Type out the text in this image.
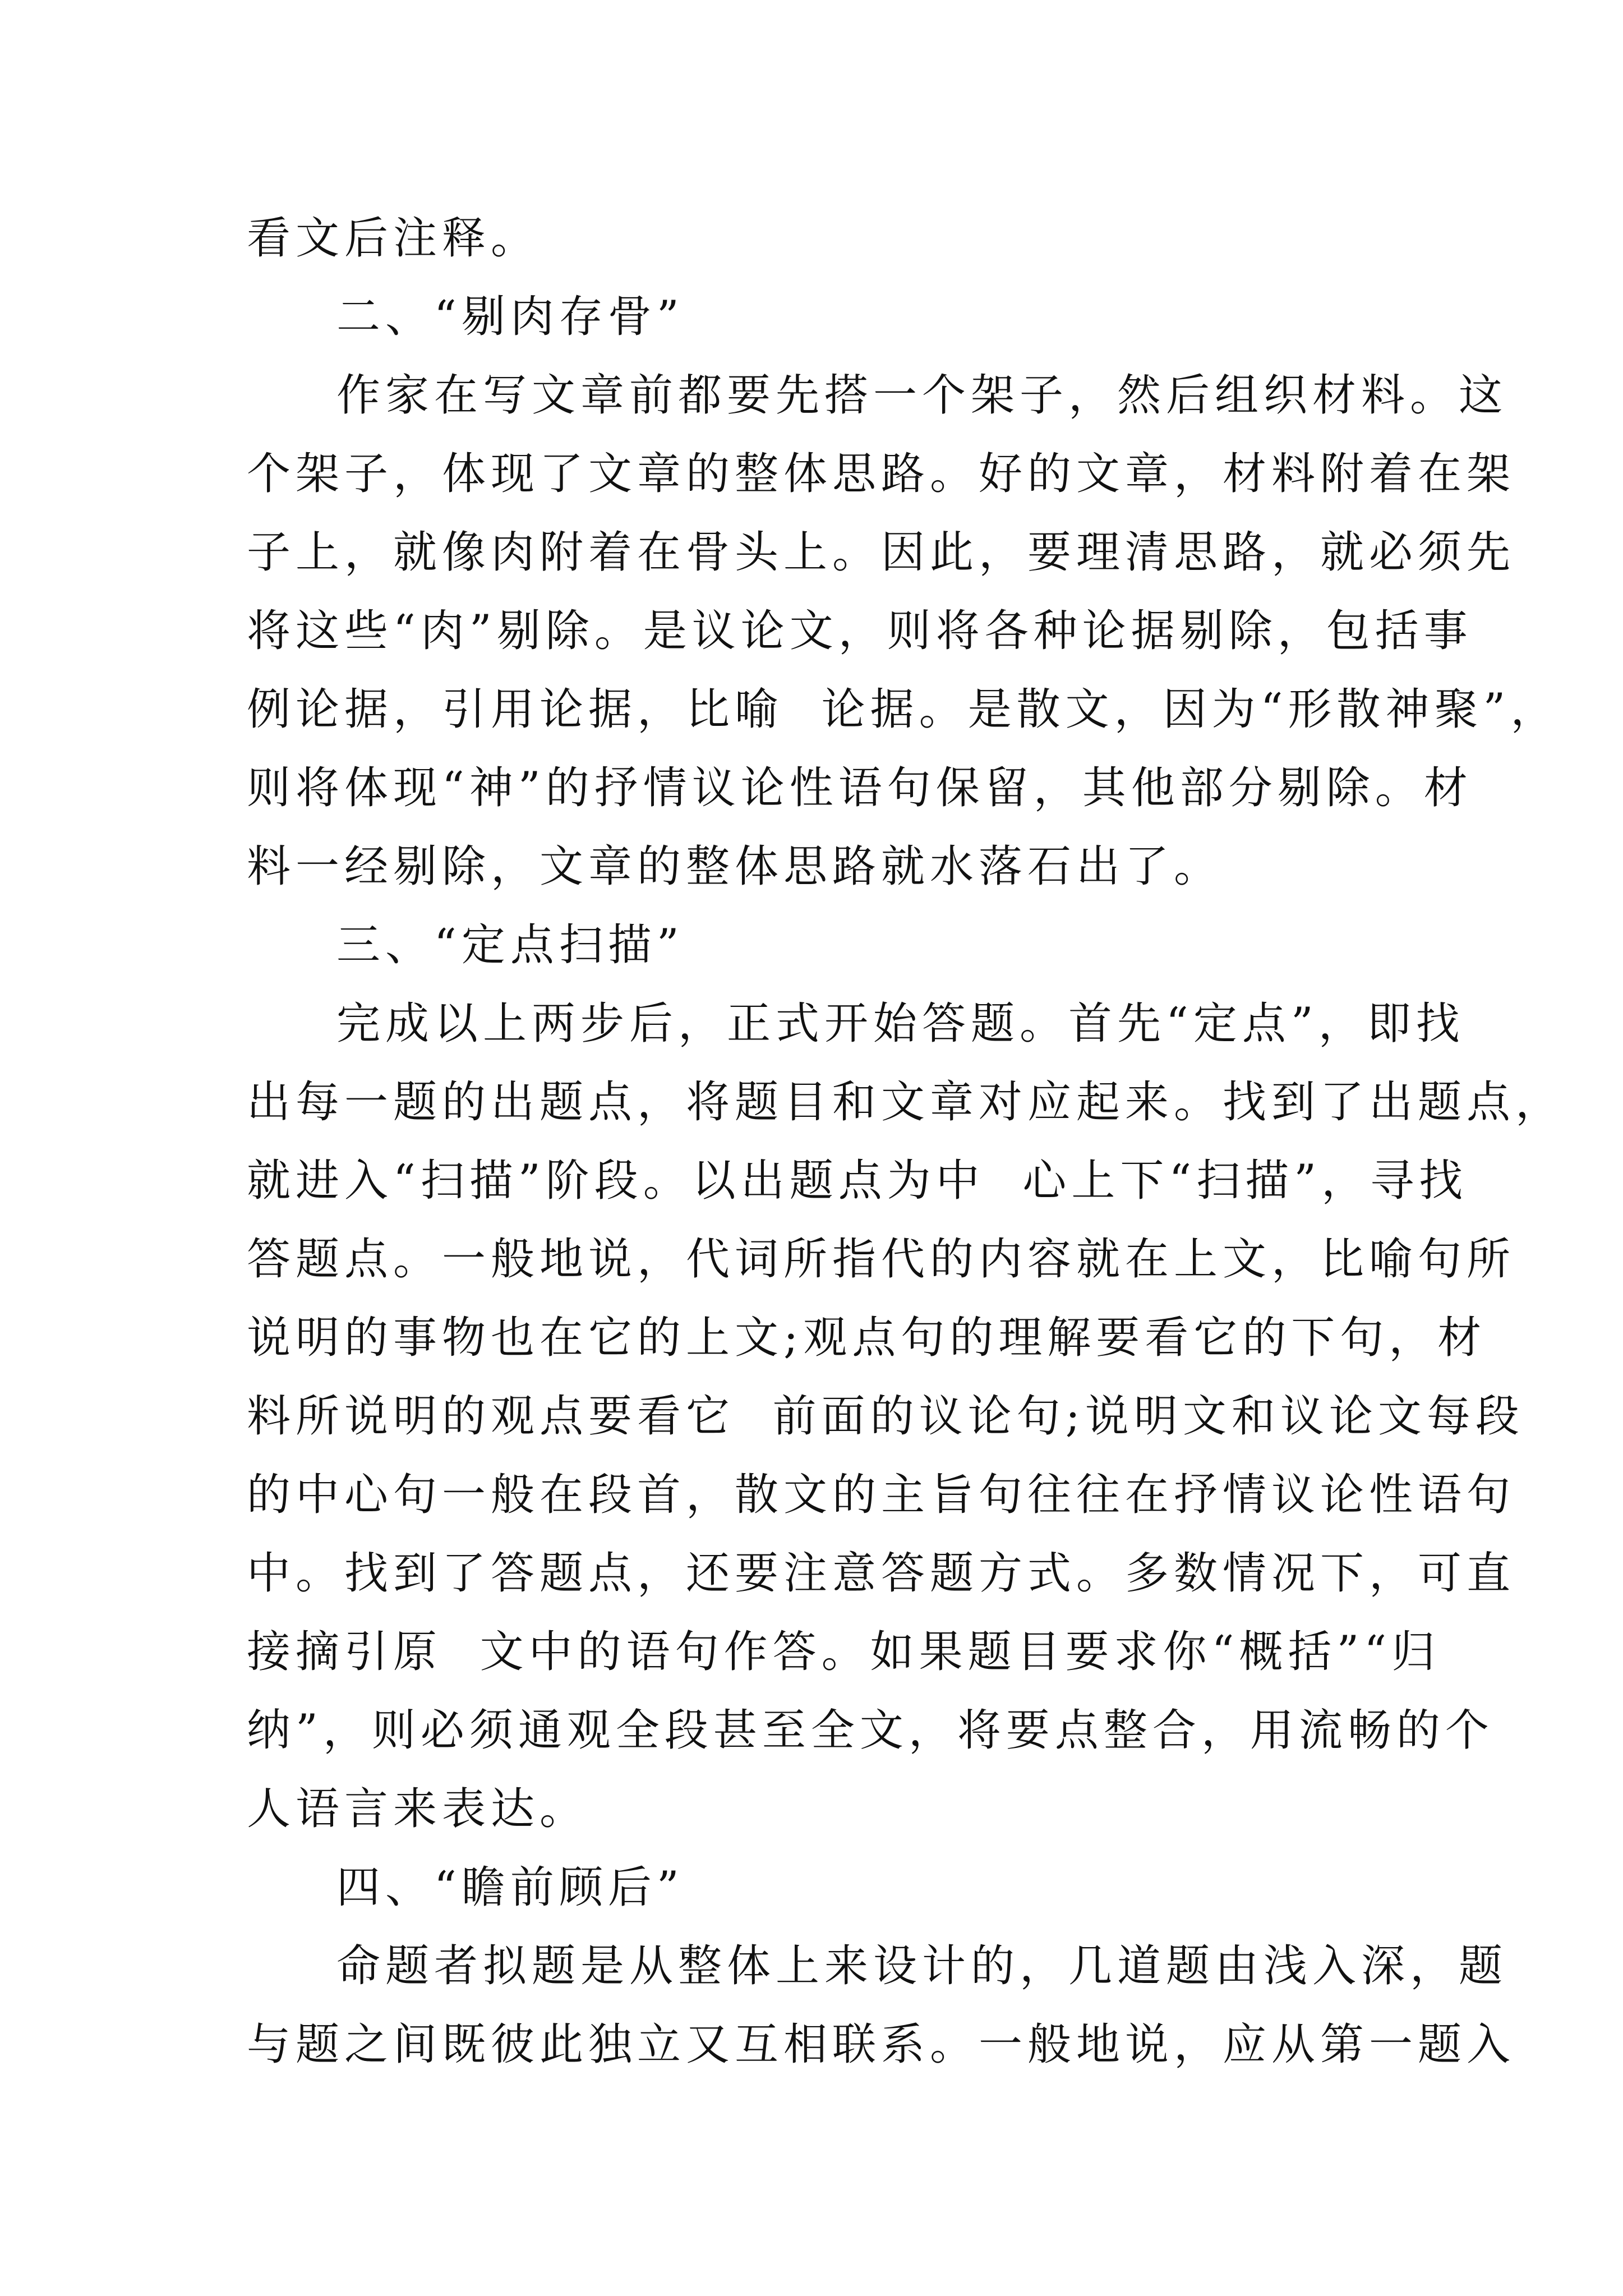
看文后注释。
二、“剔肉存骨”
作家在写文章前都要先搭一个架子，然后组织材料。这
个架子，体现了文章的整体思路。好的文章，材料附着在架
子上，就像肉附着在骨头上。因此，要理清思路，就必须先
将这些“肉”剔除。是议论文，则将各种论据剔除，包括事
例论据，引用论据，比喻  论据。是散文，因为“形散神聚”，
则将体现“神”的抒情议论性语句保留，其他部分剔除。材
料一经剔除，文章的整体思路就水落石出了。
三、“定点扫描”
完成以上两步后，正式开始答题。首先“定点”，即找
出每一题的出题点，将题目和文章对应起来。找到了出题点，
就进入“扫描”阶段。以出题点为中  心上下“扫描”，寻找
答题点。一般地说，代词所指代的内容就在上文，比喻句所
说明的事物也在它的上文;观点句的理解要看它的下句，材
料所说明的观点要看它  前面的议论句;说明文和议论文每段
的中心句一般在段首，散文的主旨句往往在抒情议论性语句
中。找到了答题点，还要注意答题方式。多数情况下，可直
接摘引原  文中的语句作答。如果题目要求你“概括”“归
纳”，则必须通观全段甚至全文，将要点整合，用流畅的个
人语言来表达。
四、“瞻前顾后”
命题者拟题是从整体上来设计的，几道题由浅入深，题
与题之间既彼此独立又互相联系。一般地说，应从第一题入
